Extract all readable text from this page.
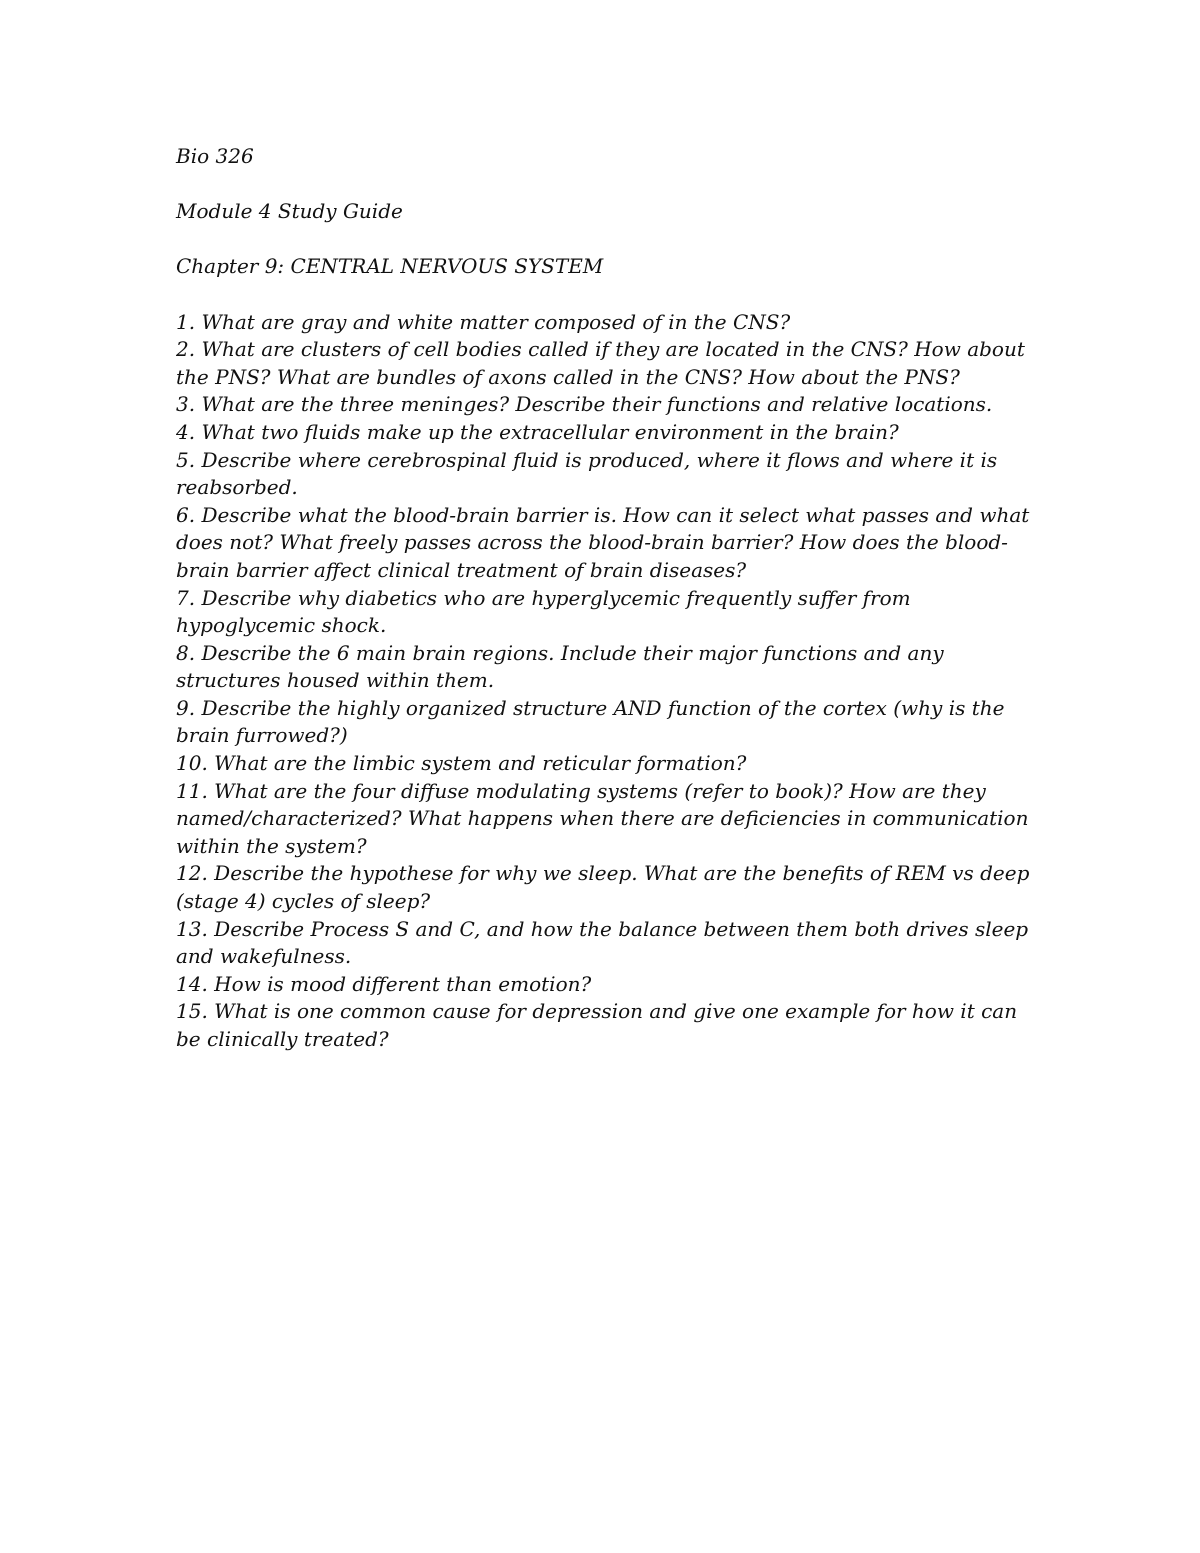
Bio 326

Module 4 Study Guide

Chapter 9: CENTRAL NERVOUS SYSTEM

1. What are gray and white matter composed of in the CNS?
2. What are clusters of cell bodies called if they are located in the CNS? How about the PNS? What are bundles of axons called in the CNS? How about the PNS?
3. What are the three meninges? Describe their functions and relative locations.
4. What two fluids make up the extracellular environment in the brain?
5. Describe where cerebrospinal fluid is produced, where it flows and where it is reabsorbed.
6. Describe what the blood-brain barrier is. How can it select what passes and what does not? What freely passes across the blood-brain barrier? How does the blood-brain barrier affect clinical treatment of brain diseases?
7. Describe why diabetics who are hyperglycemic frequently suffer from hypoglycemic shock.
8. Describe the 6 main brain regions. Include their major functions and any structures housed within them.
9. Describe the highly organized structure AND function of the cortex (why is the brain furrowed?)
10. What are the limbic system and reticular formation?
11. What are the four diffuse modulating systems (refer to book)? How are they named/characterized? What happens when there are deficiencies in communication within the system?
12. Describe the hypothese for why we sleep. What are the benefits of REM vs deep (stage 4) cycles of sleep?
13. Describe Process S and C, and how the balance between them both drives sleep and wakefulness.
14. How is mood different than emotion?
15. What is one common cause for depression and give one example for how it can be clinically treated?
